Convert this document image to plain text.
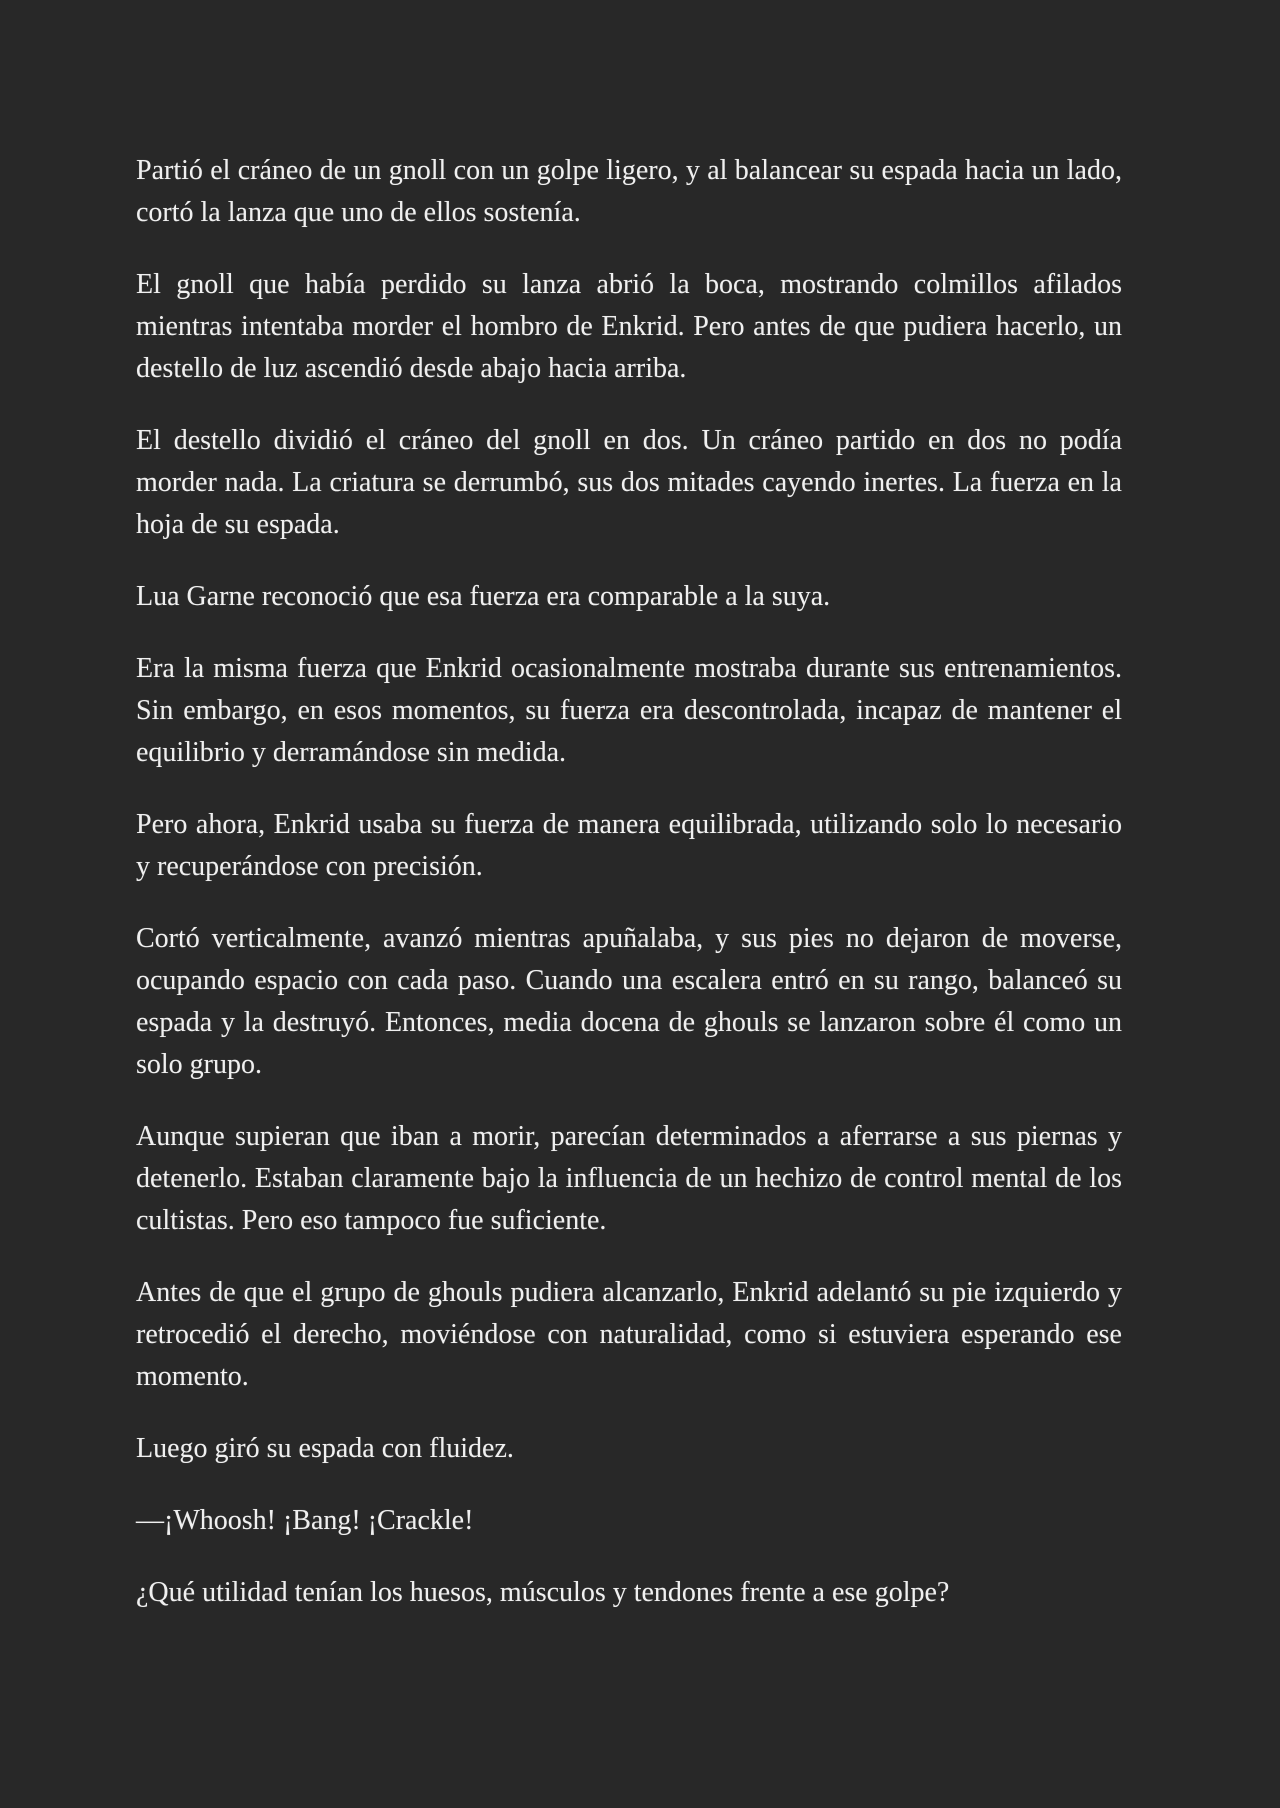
Partió el cráneo de un gnoll con un golpe ligero, y al balancear su espada hacia un lado, cortó la lanza que uno de ellos sostenía.

El gnoll que había perdido su lanza abrió la boca, mostrando colmillos afilados mientras intentaba morder el hombro de Enkrid. Pero antes de que pudiera hacerlo, un destello de luz ascendió desde abajo hacia arriba.

El destello dividió el cráneo del gnoll en dos. Un cráneo partido en dos no podía morder nada. La criatura se derrumbó, sus dos mitades cayendo inertes. La fuerza en la hoja de su espada.

Lua Garne reconoció que esa fuerza era comparable a la suya.

Era la misma fuerza que Enkrid ocasionalmente mostraba durante sus entrenamientos. Sin embargo, en esos momentos, su fuerza era descontrolada, incapaz de mantener el equilibrio y derramándose sin medida.

Pero ahora, Enkrid usaba su fuerza de manera equilibrada, utilizando solo lo necesario y recuperándose con precisión.

Cortó verticalmente, avanzó mientras apuñalaba, y sus pies no dejaron de moverse, ocupando espacio con cada paso. Cuando una escalera entró en su rango, balanceó su espada y la destruyó. Entonces, media docena de ghouls se lanzaron sobre él como un solo grupo.

Aunque supieran que iban a morir, parecían determinados a aferrarse a sus piernas y detenerlo. Estaban claramente bajo la influencia de un hechizo de control mental de los cultistas. Pero eso tampoco fue suficiente.

Antes de que el grupo de ghouls pudiera alcanzarlo, Enkrid adelantó su pie izquierdo y retrocedió el derecho, moviéndose con naturalidad, como si estuviera esperando ese momento.

Luego giró su espada con fluidez.

—¡Whoosh! ¡Bang! ¡Crackle!

¿Qué utilidad tenían los huesos, músculos y tendones frente a ese golpe?
